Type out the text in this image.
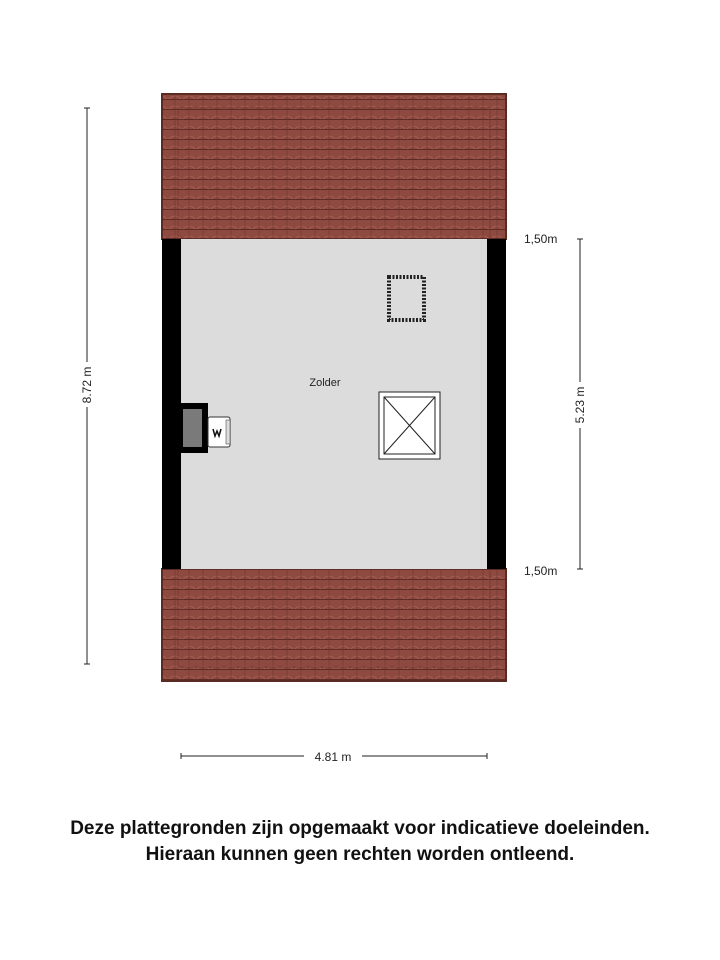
Zolder
8.72 m
5.23 m
1,50m
1,50m
4.81 m
Deze plattegronden zijn opgemaakt voor indicatieve doeleinden.
Hieraan kunnen geen rechten worden ontleend.
